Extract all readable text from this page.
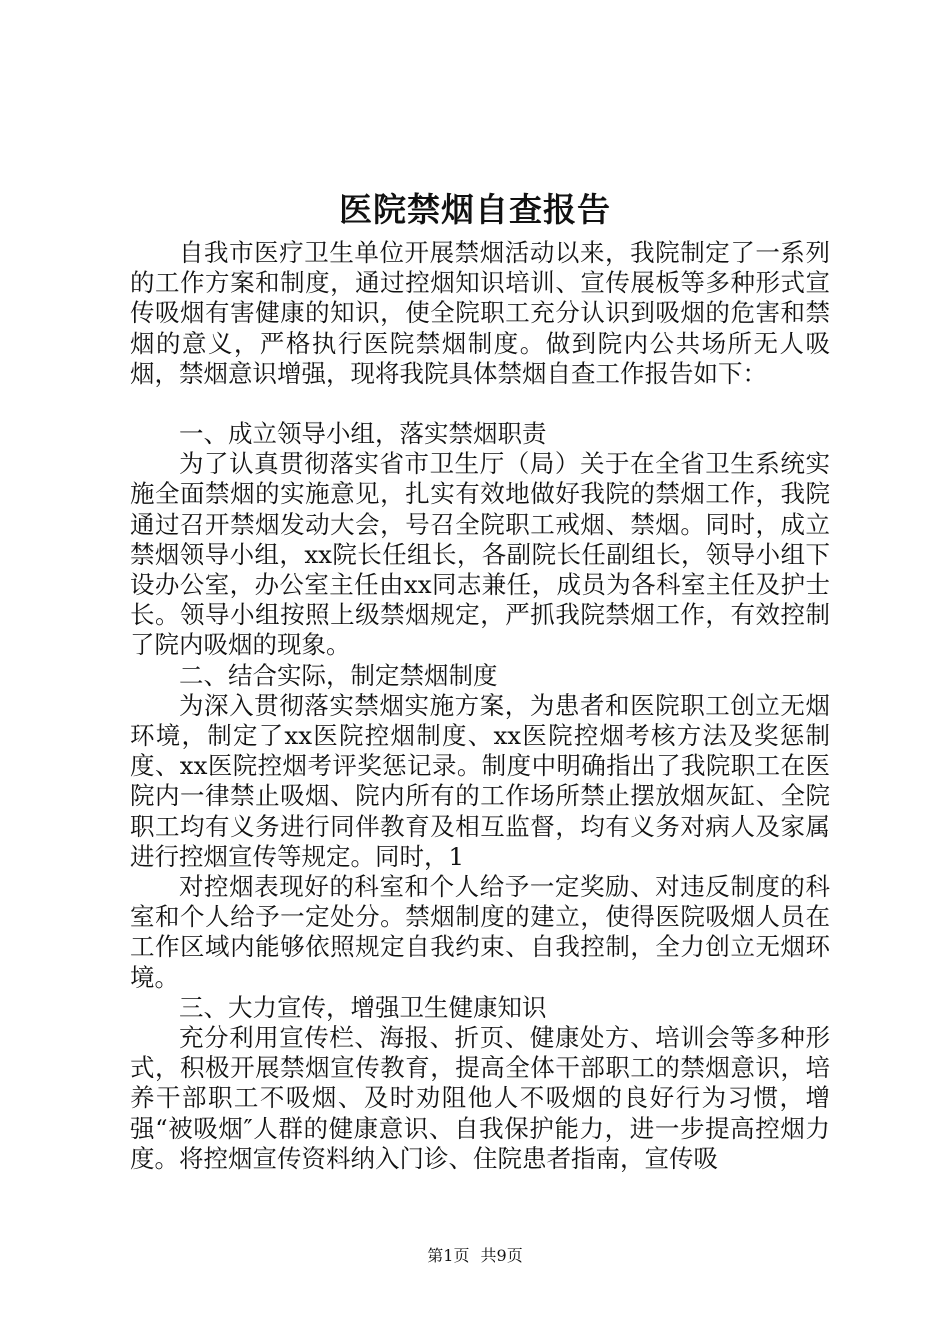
医院禁烟自查报告

自我市医疗卫生单位开展禁烟活动以来，我院制定了一系列的工作方案和制度，通过控烟知识培训、宣传展板等多种形式宣传吸烟有害健康的知识，使全院职工充分认识到吸烟的危害和禁烟的意义，严格执行医院禁烟制度。做到院内公共场所无人吸烟，禁烟意识增强，现将我院具体禁烟自查工作报告如下：

一、成立领导小组，落实禁烟职责

为了认真贯彻落实省市卫生厅（局）关于在全省卫生系统实施全面禁烟的实施意见，扎实有效地做好我院的禁烟工作，我院通过召开禁烟发动大会，号召全院职工戒烟、禁烟。同时，成立禁烟领导小组，xx院长任组长，各副院长任副组长，领导小组下设办公室，办公室主任由xx同志兼任，成员为各科室主任及护士长。领导小组按照上级禁烟规定，严抓我院禁烟工作，有效控制了院内吸烟的现象。

二、结合实际，制定禁烟制度

为深入贯彻落实禁烟实施方案，为患者和医院职工创立无烟环境，制定了xx医院控烟制度、xx医院控烟考核方法及奖惩制度、xx医院控烟考评奖惩记录。制度中明确指出了我院职工在医院内一律禁止吸烟、院内所有的工作场所禁止摆放烟灰缸、全院职工均有义务进行同伴教育及相互监督，均有义务对病人及家属进行控烟宣传等规定。同时，1

对控烟表现好的科室和个人给予一定奖励、对违反制度的科室和个人给予一定处分。禁烟制度的建立，使得医院吸烟人员在工作区域内能够依照规定自我约束、自我控制，全力创立无烟环境。

三、大力宣传，增强卫生健康知识

充分利用宣传栏、海报、折页、健康处方、培训会等多种形式，积极开展禁烟宣传教育，提高全体干部职工的禁烟意识，培养干部职工不吸烟、及时劝阻他人不吸烟的良好行为习惯，增强“被吸烟″人群的健康意识、自我保护能力，进一步提高控烟力度。将控烟宣传资料纳入门诊、住院患者指南，宣传吸

第1页 共9页
